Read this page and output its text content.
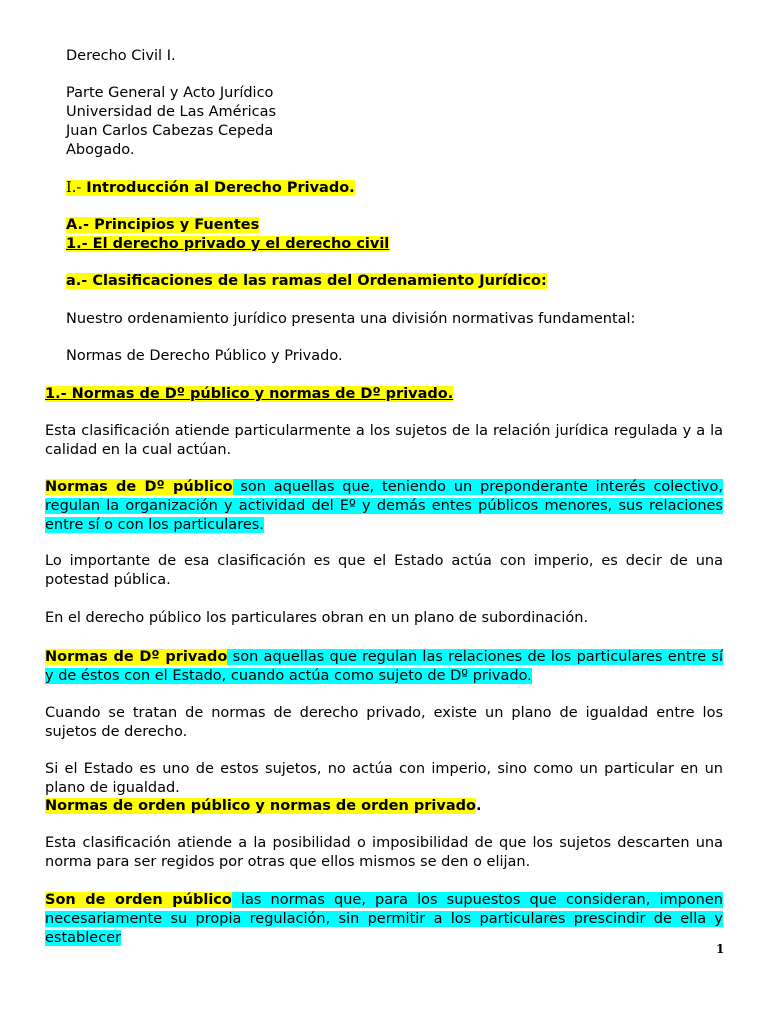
Derecho Civil I.
Parte General y Acto Jurídico
Universidad de Las Américas
Juan Carlos Cabezas Cepeda
Abogado.
I.- Introducción al Derecho Privado.
A.- Principios y Fuentes
1.- El derecho privado y el derecho civil
a.- Clasificaciones de las ramas del Ordenamiento Jurídico:
Nuestro ordenamiento jurídico presenta una división normativas fundamental:
Normas de Derecho Público y Privado.
1.- Normas de Dº público y normas de Dº privado.
Esta clasificación atiende particularmente a los sujetos de la relación jurídica regulada y a la calidad en la cual actúan.
Normas de Dº público son aquellas que, teniendo un preponderante interés colectivo, regulan la organización y actividad del Eº y demás entes públicos menores, sus relaciones entre sí o con los particulares.
Lo importante de esa clasificación es que el Estado actúa con imperio, es decir de una potestad pública.
En el derecho público los particulares obran en un plano de subordinación.
Normas de Dº privado son aquellas que regulan las relaciones de los particulares entre sí y de éstos con el Estado, cuando actúa como sujeto de Dº privado.
Cuando se tratan de normas de derecho privado, existe un plano de igualdad entre los sujetos de derecho.
Si el Estado es uno de estos sujetos, no actúa con imperio, sino como un particular en un plano de igualdad.
Normas de orden público y normas de orden privado.
Esta clasificación atiende a la posibilidad o imposibilidad de que los sujetos descarten una norma para ser regidos por otras que ellos mismos se den o elijan.
Son de orden público las normas que, para los supuestos que consideran, imponen necesariamente su propia regulación, sin permitir a los particulares prescindir de ella y establecer
1
